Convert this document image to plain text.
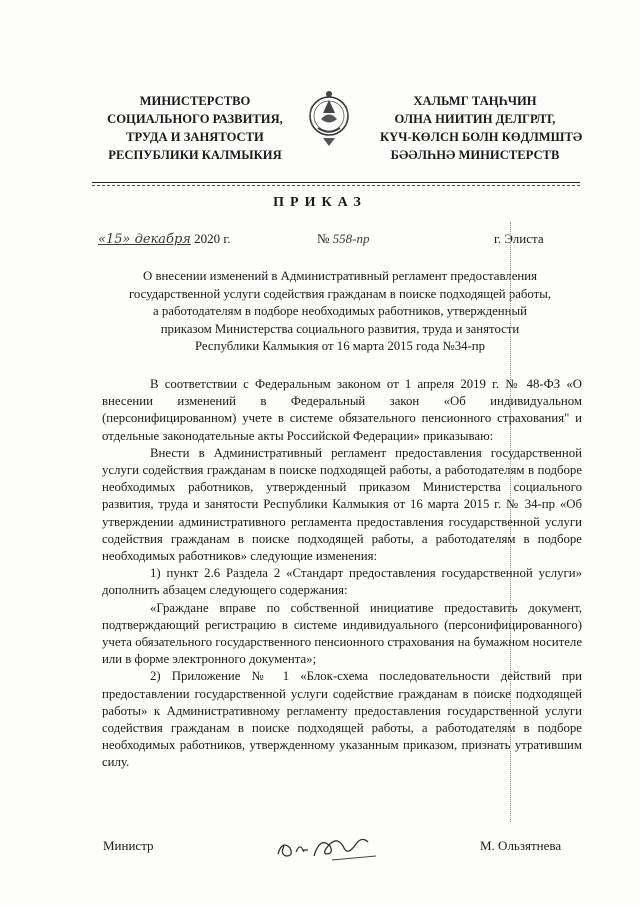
МИНИСТЕРСТВО
СОЦИАЛЬНОГО РАЗВИТИЯ,
ТРУДА И ЗАНЯТОСТИ
РЕСПУБЛИКИ КАЛМЫКИЯ
ХАЛЬМГ ТАҢҺЧИН
ОЛНА НИИТИН ДЕЛГРЛТ,
КҮЧ-КӨЛСН БОЛН КӨДЛМШТӘ
БӘӘЛҺНӘ МИНИСТЕРСТВ
ПРИКАЗ
«15» декабря 2020 г.	№ 558-пр	г. Элиста
О внесении изменений в Административный регламент предоставления
государственной услуги содействия гражданам в поиске подходящей работы,
а работодателям в подборе необходимых работников, утвержденный
приказом Министерства социального развития, труда и занятости
Республики Калмыкия от 16 марта 2015 года №34-пр

В соответствии с Федеральным законом от 1 апреля 2019 г. № 48-ФЗ «О внесении изменений в Федеральный закон «Об индивидуальном (персонифицированном) учете в системе обязательного пенсионного страхования" и отдельные законодательные акты Российской Федерации» приказываю:

Внести в Административный регламент предоставления государственной услуги содействия гражданам в поиске подходящей работы, а работодателям в подборе необходимых работников, утвержденный приказом Министерства социального развития, труда и занятости Республики Калмыкия от 16 марта 2015 г. № 34-пр «Об утверждении административного регламента предоставления государственной услуги содействия гражданам в поиске подходящей работы, а работодателям в подборе необходимых работников» следующие изменения:

1) пункт 2.6 Раздела 2 «Стандарт предоставления государственной услуги» дополнить абзацем следующего содержания:

«Граждане вправе по собственной инициативе предоставить документ, подтверждающий регистрацию в системе индивидуального (персонифицированного) учета обязательного государственного пенсионного страхования на бумажном носителе или в форме электронного документа»;

2) Приложение № 1 «Блок-схема последовательности действий при предоставлении государственной услуги содействие гражданам в поиске подходящей работы» к Административному регламенту предоставления государственной услуги содействия гражданам в поиске подходящей работы, а работодателям в подборе необходимых работников, утвержденному указанным приказом, признать утратившим силу.

Министр	М. Ользятнева
